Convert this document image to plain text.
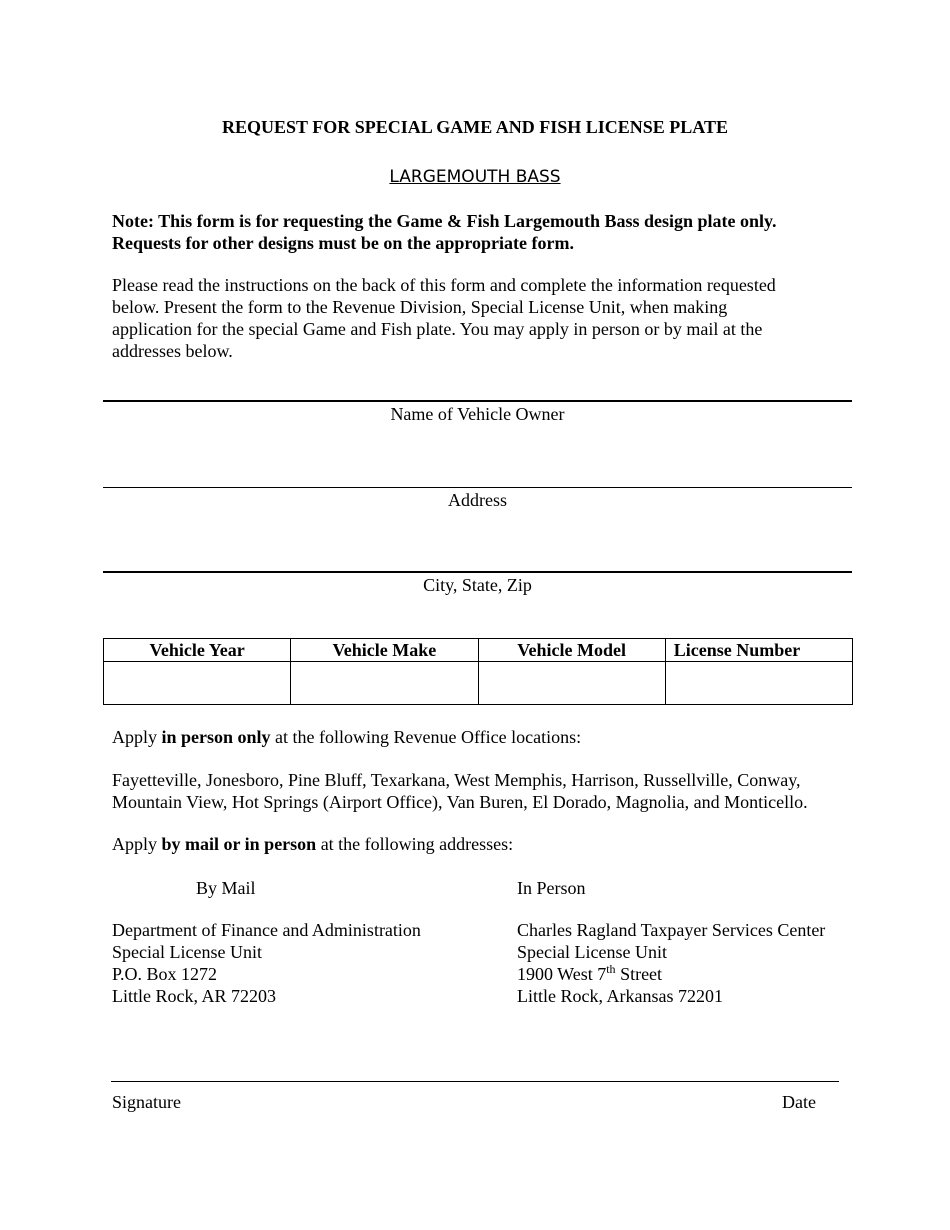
REQUEST FOR SPECIAL GAME AND FISH LICENSE PLATE
LARGEMOUTH BASS
Note: This form is for requesting the Game & Fish Largemouth Bass design plate only.
Requests for other designs must be on the appropriate form.
Please read the instructions on the back of this form and complete the information requested
below. Present the form to the Revenue Division, Special License Unit, when making
application for the special Game and Fish plate. You may apply in person or by mail at the
addresses below.
Name of Vehicle Owner
Address
City, State, Zip
Vehicle Year	Vehicle Make	Vehicle Model	License Number

Apply in person only at the following Revenue Office locations:
Fayetteville, Jonesboro, Pine Bluff, Texarkana, West Memphis, Harrison, Russellville, Conway,
Mountain View, Hot Springs (Airport Office), Van Buren, El Dorado, Magnolia, and Monticello.
Apply by mail or in person at the following addresses:
By Mail
Department of Finance and Administration
Special License Unit
P.O. Box 1272
Little Rock, AR 72203
In Person
Charles Ragland Taxpayer Services Center
Special License Unit
1900 West 7th Street
Little Rock, Arkansas 72201
Signature	Date
